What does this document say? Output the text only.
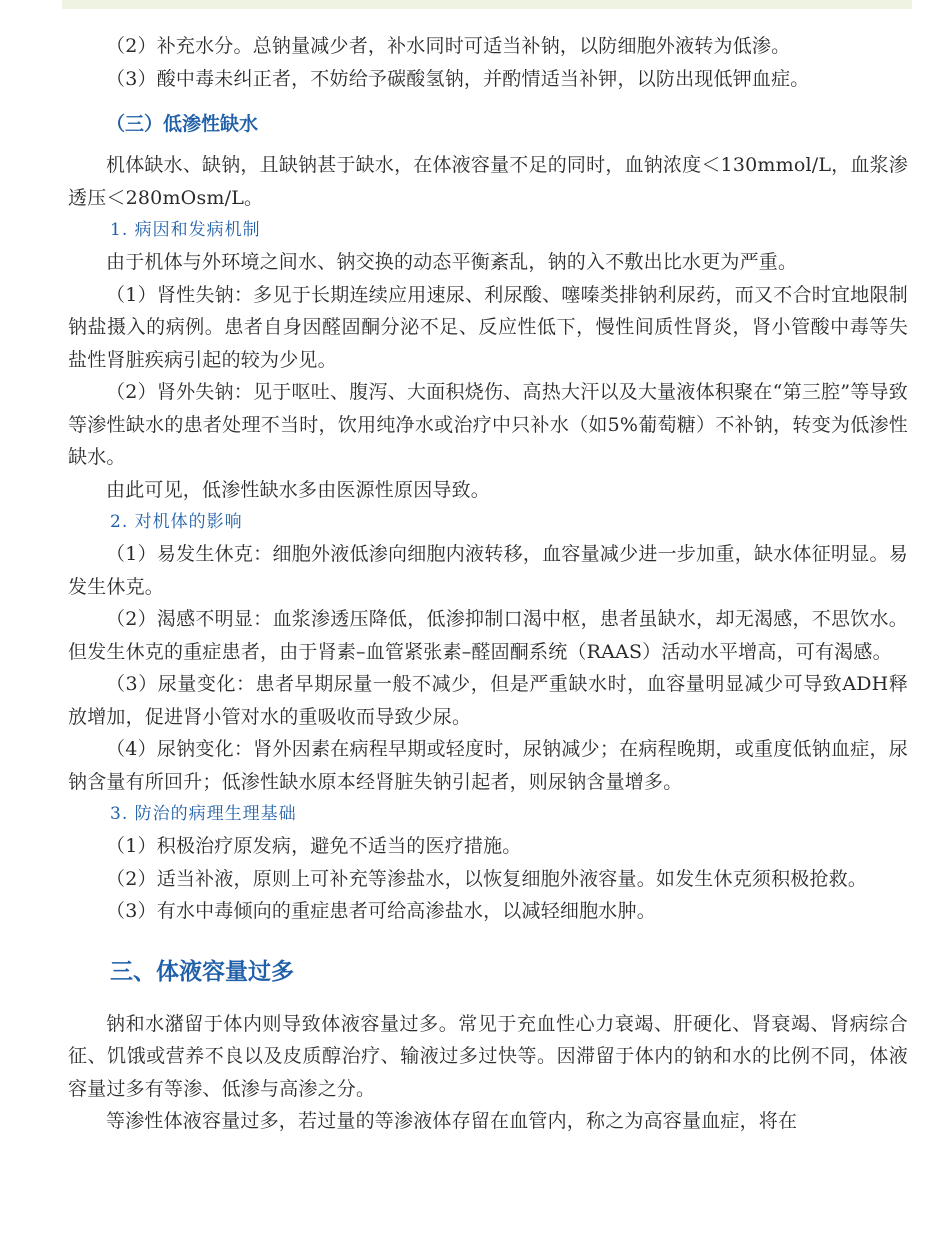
（2）补充水分。总钠量减少者，补水同时可适当补钠，以防细胞外液转为低渗。

（3）酸中毒未纠正者，不妨给予碳酸氢钠，并酌情适当补钾，以防出现低钾血症。

（三）低渗性缺水

机体缺水、缺钠，且缺钠甚于缺水，在体液容量不足的同时，血钠浓度＜130mmol/L，血浆渗透压＜280mOsm/L。

1. 病因和发病机制

由于机体与外环境之间水、钠交换的动态平衡紊乱，钠的入不敷出比水更为严重。

（1）肾性失钠：多见于长期连续应用速尿、利尿酸、噻嗪类排钠利尿药，而又不合时宜地限制钠盐摄入的病例。患者自身因醛固酮分泌不足、反应性低下，慢性间质性肾炎，肾小管酸中毒等失盐性肾脏疾病引起的较为少见。

（2）肾外失钠：见于呕吐、腹泻、大面积烧伤、高热大汗以及大量液体积聚在“第三腔”等导致等渗性缺水的患者处理不当时，饮用纯净水或治疗中只补水（如5%葡萄糖）不补钠，转变为低渗性缺水。

由此可见，低渗性缺水多由医源性原因导致。

2. 对机体的影响

（1）易发生休克：细胞外液低渗向细胞内液转移，血容量减少进一步加重，缺水体征明显。易发生休克。

（2）渴感不明显：血浆渗透压降低，低渗抑制口渴中枢，患者虽缺水，却无渴感，不思饮水。但发生休克的重症患者，由于肾素–血管紧张素–醛固酮系统（RAAS）活动水平增高，可有渴感。

（3）尿量变化：患者早期尿量一般不减少，但是严重缺水时，血容量明显减少可导致ADH释放增加，促进肾小管对水的重吸收而导致少尿。

（4）尿钠变化：肾外因素在病程早期或轻度时，尿钠减少；在病程晚期，或重度低钠血症，尿钠含量有所回升；低渗性缺水原本经肾脏失钠引起者，则尿钠含量增多。

3. 防治的病理生理基础

（1）积极治疗原发病，避免不适当的医疗措施。

（2）适当补液，原则上可补充等渗盐水，以恢复细胞外液容量。如发生休克须积极抢救。

（3）有水中毒倾向的重症患者可给高渗盐水，以减轻细胞水肿。

三、体液容量过多

钠和水潴留于体内则导致体液容量过多。常见于充血性心力衰竭、肝硬化、肾衰竭、肾病综合征、饥饿或营养不良以及皮质醇治疗、输液过多过快等。因滞留于体内的钠和水的比例不同，体液容量过多有等渗、低渗与高渗之分。

等渗性体液容量过多，若过量的等渗液体存留在血管内，称之为高容量血症，将在
